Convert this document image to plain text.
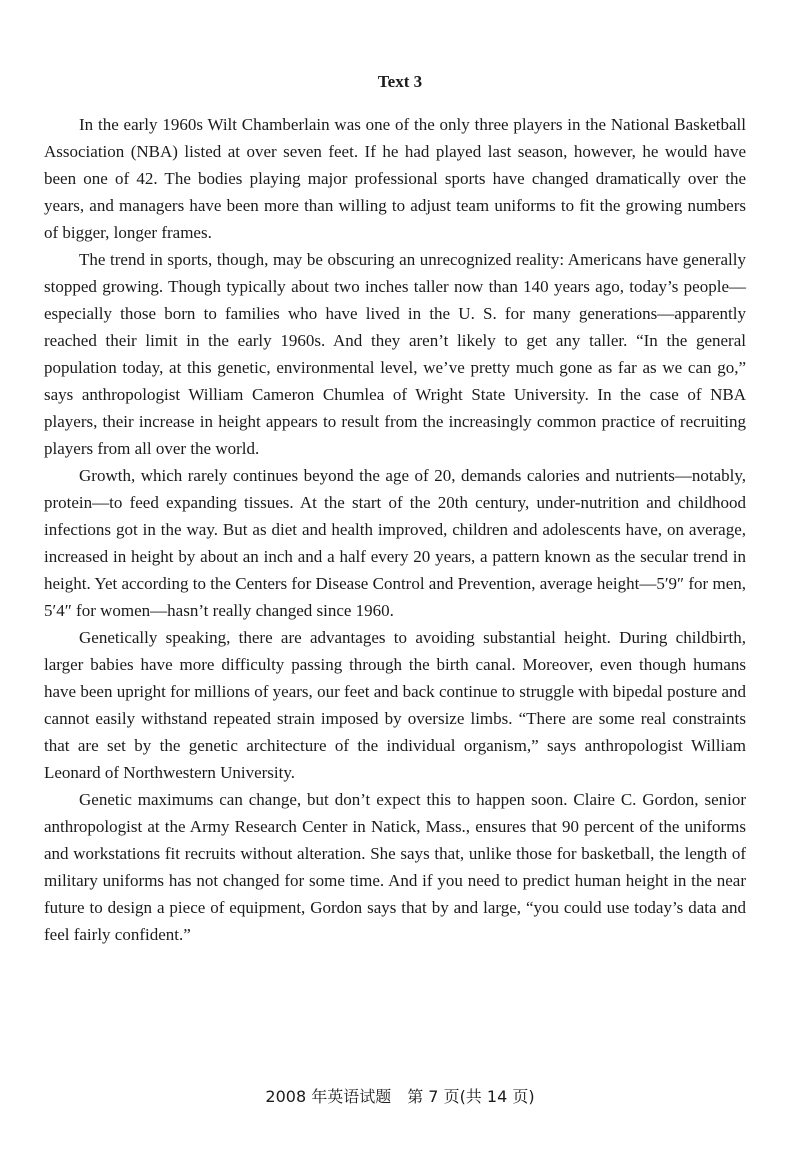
Text 3

In the early 1960s Wilt Chamberlain was one of the only three players in the National Basketball Association (NBA) listed at over seven feet. If he had played last season, however, he would have been one of 42. The bodies playing major professional sports have changed dramatically over the years, and managers have been more than willing to adjust team uniforms to fit the growing numbers of bigger, longer frames.

The trend in sports, though, may be obscuring an unrecognized reality: Americans have generally stopped growing. Though typically about two inches taller now than 140 years ago, today’s people—especially those born to families who have lived in the U. S. for many generations—apparently reached their limit in the early 1960s. And they aren’t likely to get any taller. “In the general population today, at this genetic, environmental level, we’ve pretty much gone as far as we can go,” says anthropologist William Cameron Chumlea of Wright State University. In the case of NBA players, their increase in height appears to result from the increasingly common practice of recruiting players from all over the world.

Growth, which rarely continues beyond the age of 20, demands calories and nutrients—notably, protein—to feed expanding tissues. At the start of the 20th century, under-nutrition and childhood infections got in the way. But as diet and health improved, children and adolescents have, on average, increased in height by about an inch and a half every 20 years, a pattern known as the secular trend in height. Yet according to the Centers for Disease Control and Prevention, average height—5′9″ for men, 5′4″ for women—hasn’t really changed since 1960.

Genetically speaking, there are advantages to avoiding substantial height. During childbirth, larger babies have more difficulty passing through the birth canal. Moreover, even though humans have been upright for millions of years, our feet and back continue to struggle with bipedal posture and cannot easily withstand repeated strain imposed by oversize limbs. “There are some real constraints that are set by the genetic architecture of the individual organism,” says anthropologist William Leonard of Northwestern University.

Genetic maximums can change, but don’t expect this to happen soon. Claire C. Gordon, senior anthropologist at the Army Research Center in Natick, Mass., ensures that 90 percent of the uniforms and workstations fit recruits without alteration. She says that, unlike those for basketball, the length of military uniforms has not changed for some time. And if you need to predict human height in the near future to design a piece of equipment, Gordon says that by and large, “you could use today’s data and feel fairly confident.”

2008 年英语试题　第 7 页(共 14 页)
